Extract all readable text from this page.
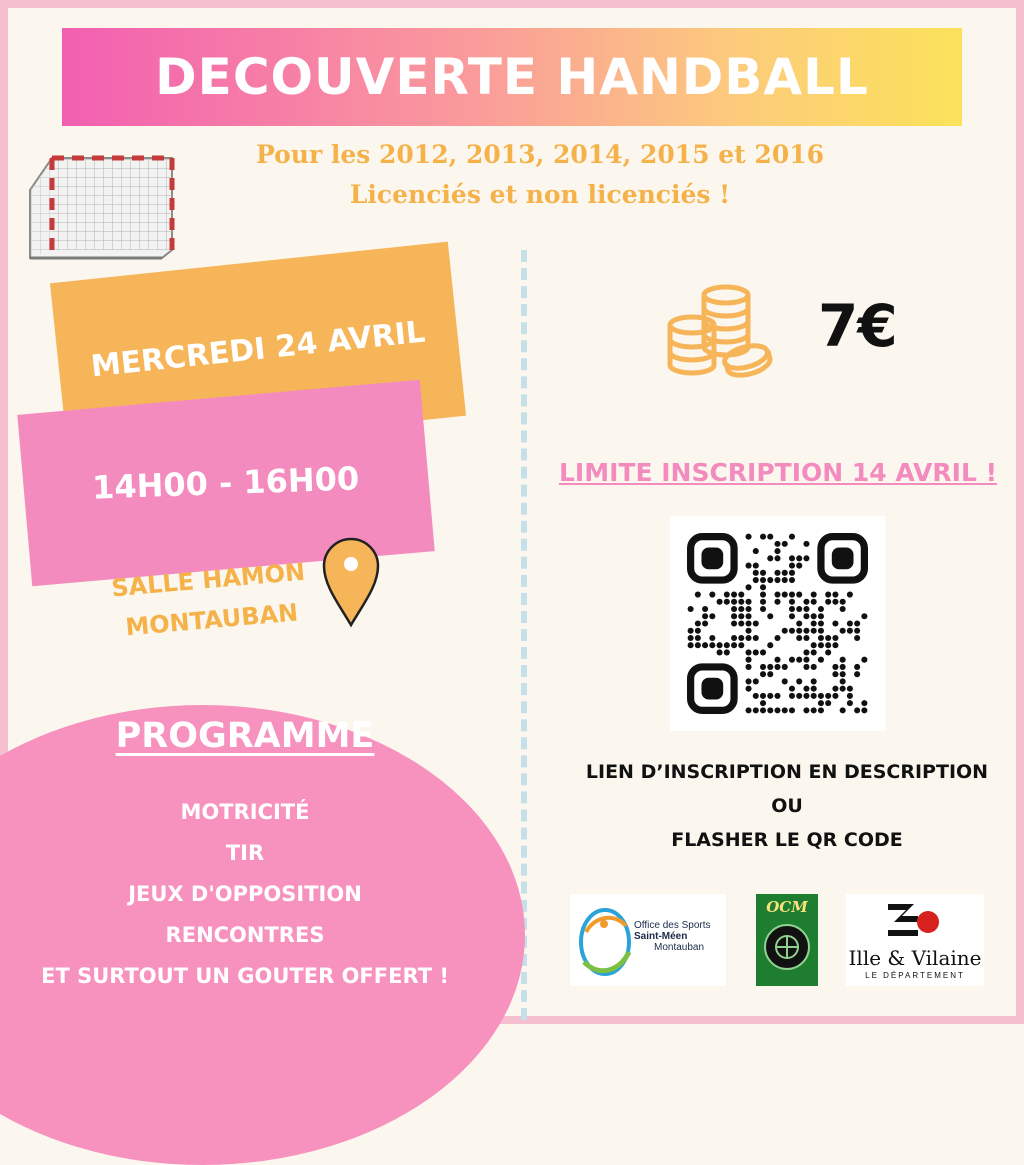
DECOUVERTE HANDBALL
Pour les 2012, 2013, 2014, 2015 et 2016
Licenciés et non licenciés !
MERCREDI 24 AVRIL
14H00 - 16H00
SALLE HAMON
MONTAUBAN
PROGRAMME
MOTRICITÉ
TIR
JEUX D'OPPOSITION
RENCONTRES
ET SURTOUT UN GOUTER OFFERT !
7€
LIMITE INSCRIPTION 14 AVRIL !
LIEN D’INSCRIPTION EN DESCRIPTION OU
FLASHER LE QR CODE
Office des Sports
Saint-Méen
Montauban
OCM
Ille & Vilaine
LE DÉPARTEMENT
